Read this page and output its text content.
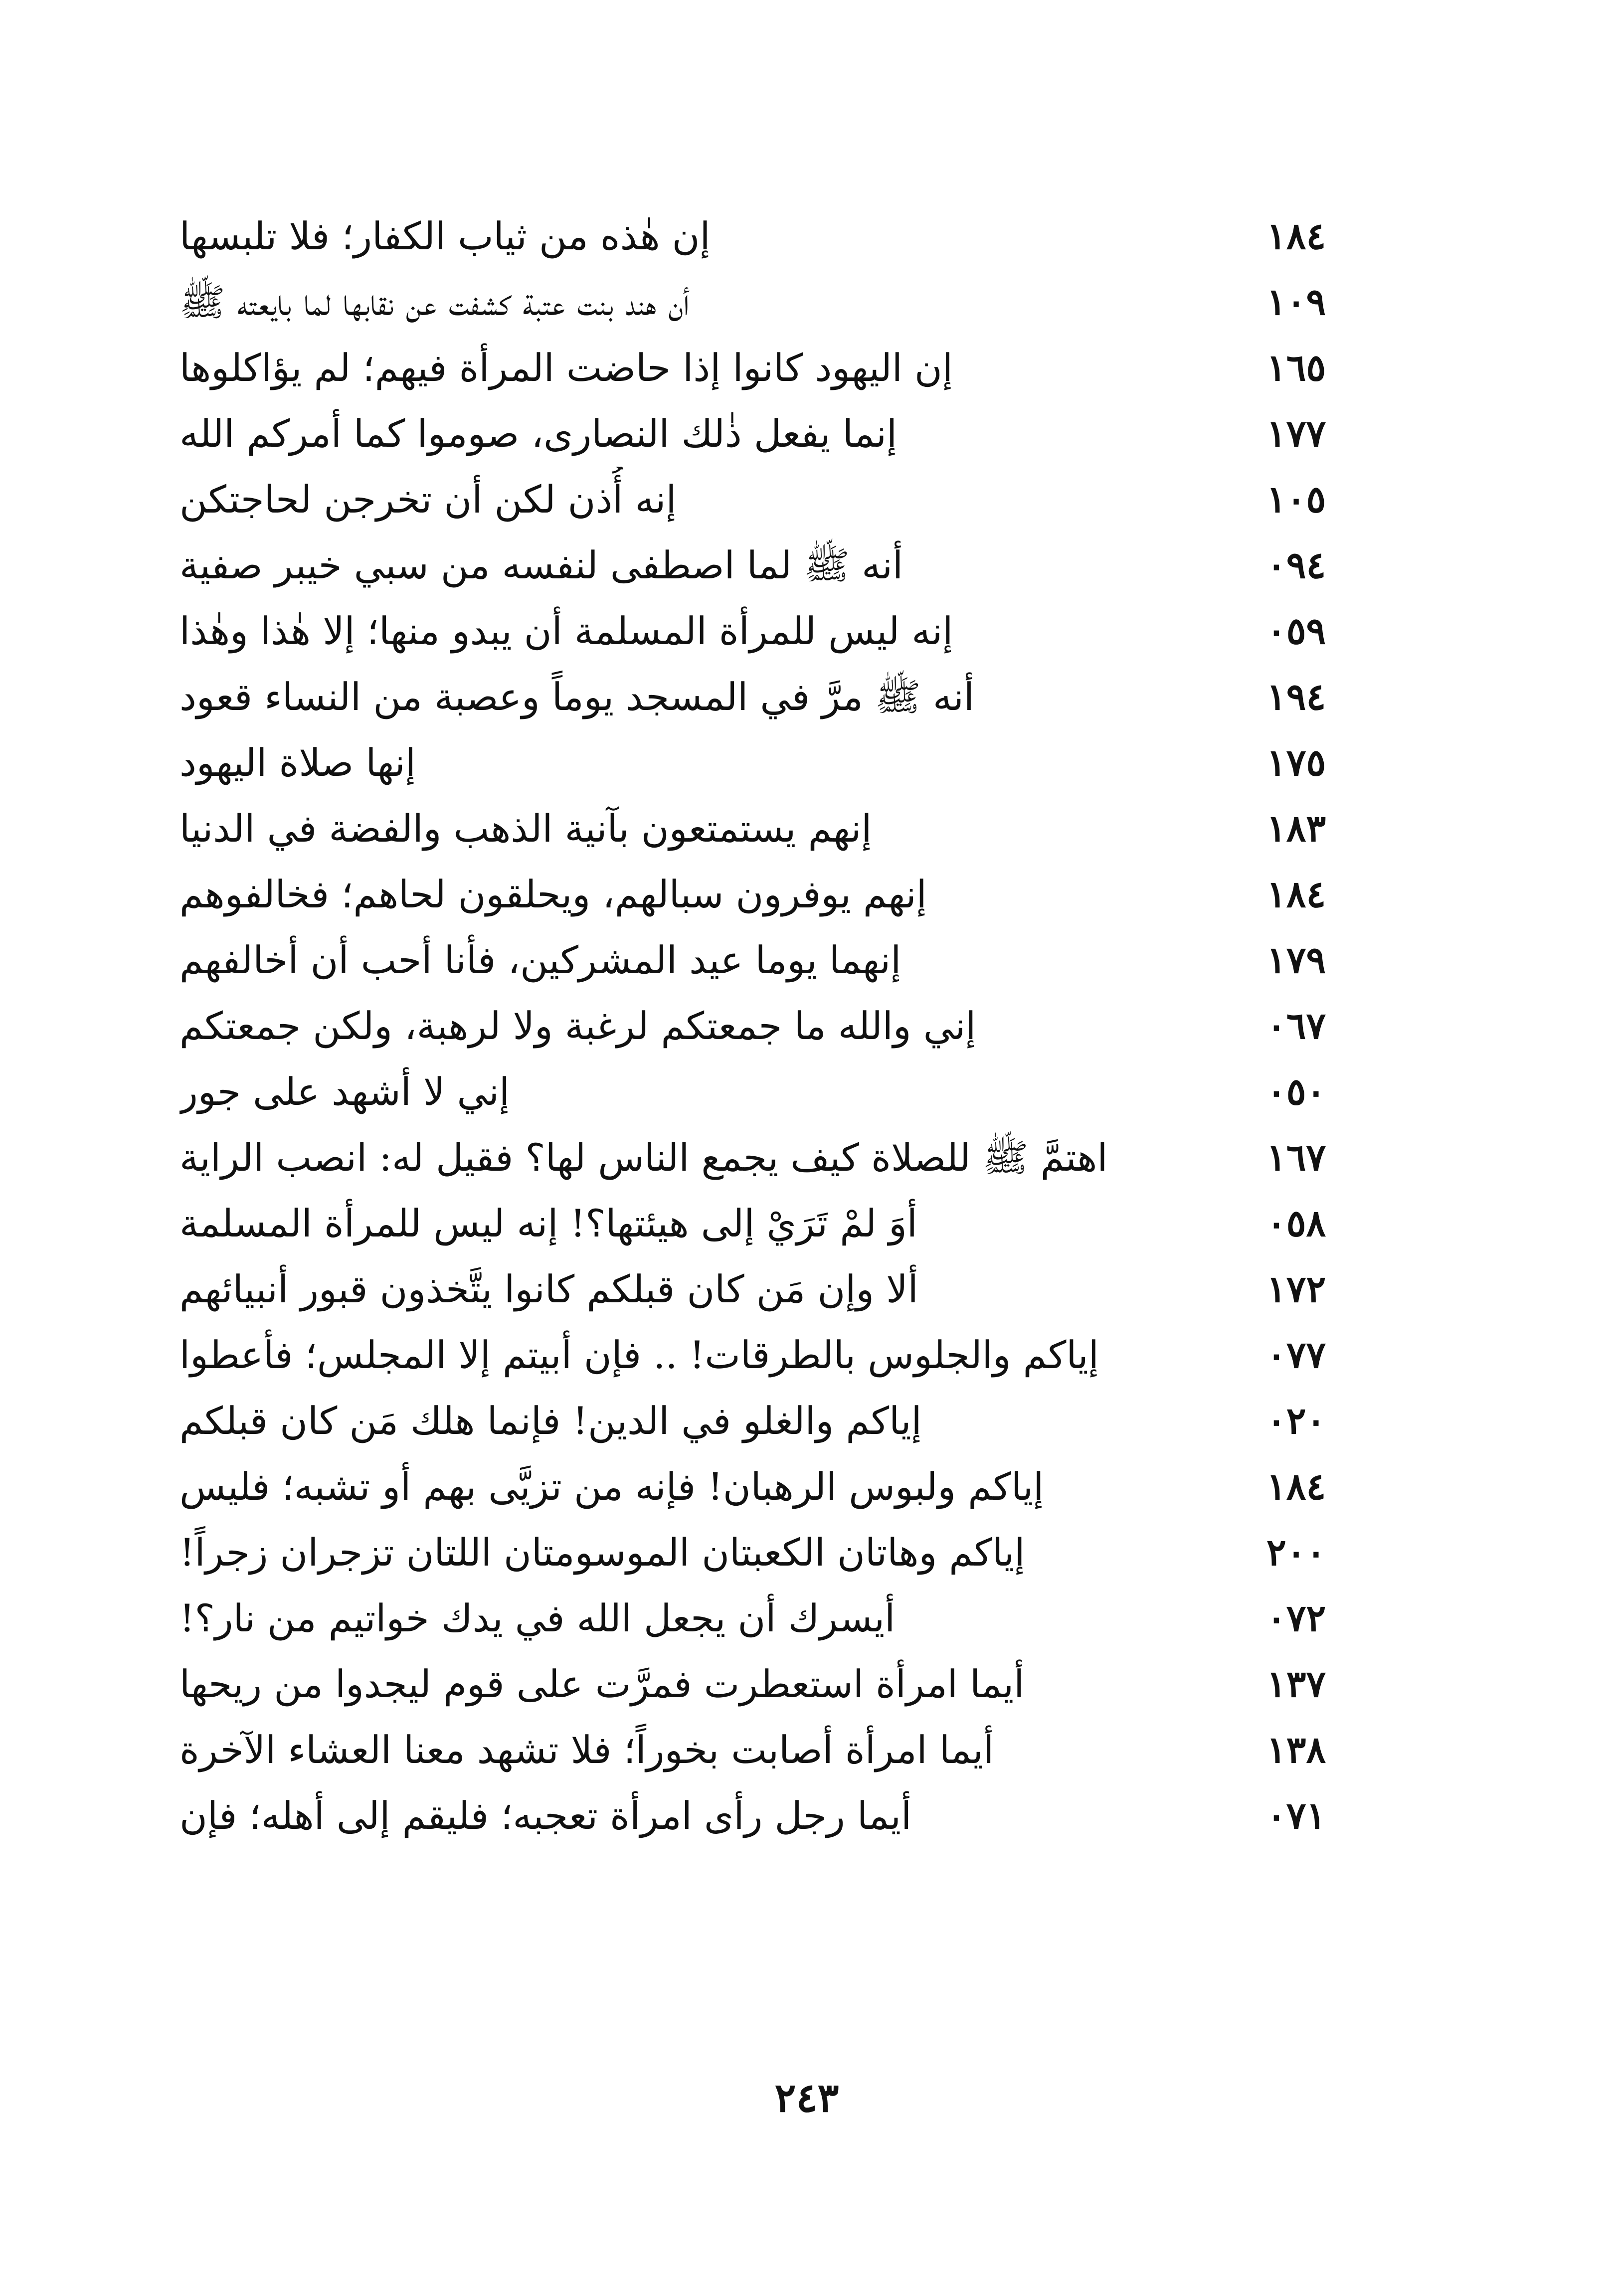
إن هٰذه من ثياب الكفار؛ فلا تلبسها	١٨٤
أن هند بنت عتبة كشفت عن نقابها لما بايعته ﷺ	١٠٩
إن اليهود كانوا إذا حاضت المرأة فيهم؛ لم يؤاكلوها	١٦٥
إنما يفعل ذٰلك النصارى، صوموا كما أمركم الله	١٧٧
إنه أُذن لكن أن تخرجن لحاجتكن	١٠٥
أنه ﷺ لما اصطفى لنفسه من سبي خيبر صفية	٠٩٤
إنه ليس للمرأة المسلمة أن يبدو منها؛ إلا هٰذا وهٰذا	٠٥٩
أنه ﷺ مرَّ في المسجد يوماً وعصبة من النساء قعود	١٩٤
إنها صلاة اليهود	١٧٥
إنهم يستمتعون بآنية الذهب والفضة في الدنيا	١٨٣
إنهم يوفرون سبالهم، ويحلقون لحاهم؛ فخالفوهم	١٨٤
إنهما يوما عيد المشركين، فأنا أحب أن أخالفهم	١٧٩
إني والله ما جمعتكم لرغبة ولا لرهبة، ولكن جمعتكم	٠٦٧
إني لا أشهد على جور	٠٥٠
اهتمَّ ﷺ للصلاة كيف يجمع الناس لها؟ فقيل له: انصب الراية	١٦٧
أوَ لمْ تَرَيْ إلى هيئتها؟! إنه ليس للمرأة المسلمة	٠٥٨
ألا وإن مَن كان قبلكم كانوا يتَّخذون قبور أنبيائهم	١٧٢
إياكم والجلوس بالطرقات! .. فإن أبيتم إلا المجلس؛ فأعطوا	٠٧٧
إياكم والغلو في الدين! فإنما هلك مَن كان قبلكم	٠٢٠
إياكم ولبوس الرهبان! فإنه من تزيَّى بهم أو تشبه؛ فليس	١٨٤
إياكم وهاتان الكعبتان الموسومتان اللتان تزجران زجراً!	٢٠٠
أيسرك أن يجعل الله في يدك خواتيم من نار؟!	٠٧٢
أيما امرأة استعطرت فمرَّت على قوم ليجدوا من ريحها	١٣٧
أيما امرأة أصابت بخوراً؛ فلا تشهد معنا العشاء الآخرة	١٣٨
أيما رجل رأى امرأة تعجبه؛ فليقم إلى أهله؛ فإن	٠٧١
٢٤٣
